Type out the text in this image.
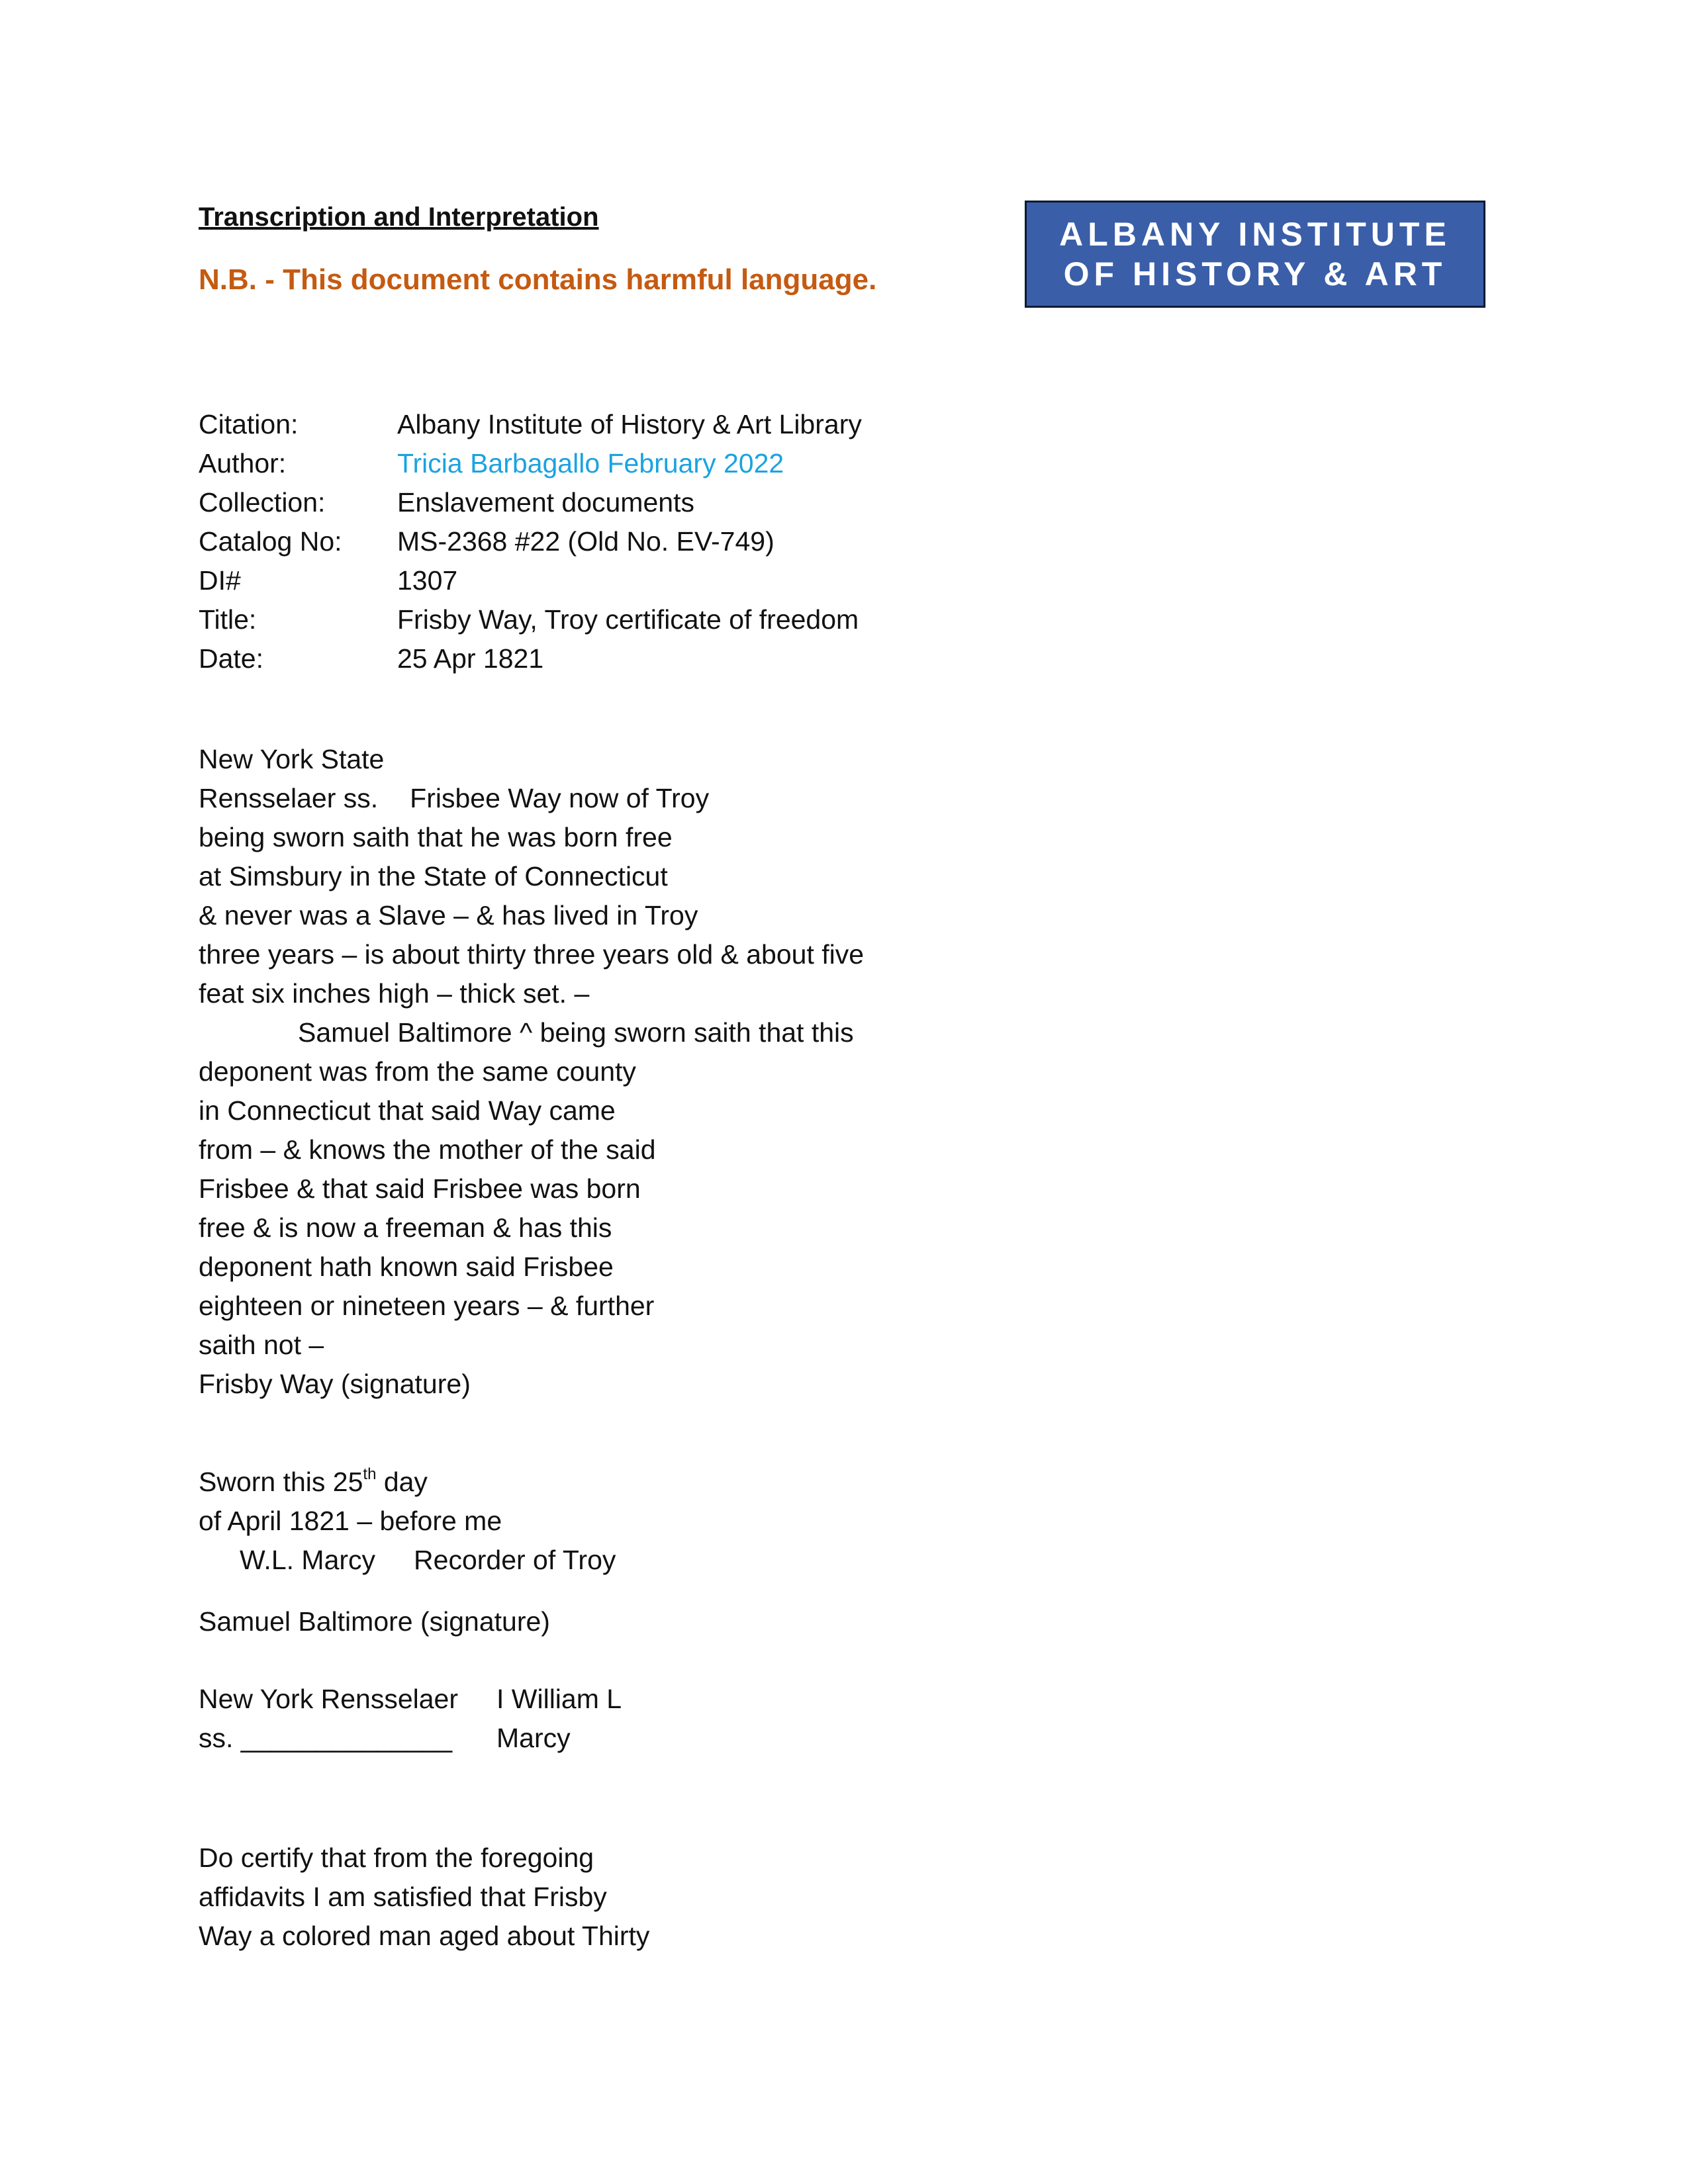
Transcription and Interpretation
N.B. - This document contains harmful language.
ALBANY INSTITUTE
OF HISTORY & ART
Citation:	Albany Institute of History & Art Library
Author:	Tricia Barbagallo February 2022
Collection:	Enslavement documents
Catalog No:	MS-2368 #22 (Old No. EV-749)
DI#	1307
Title:	Frisby Way, Troy certificate of freedom
Date:	25 Apr 1821
New York State
Rensselaer ss. Frisbee Way now of Troy
being sworn saith that he was born free
at Simsbury in the State of Connecticut
& never was a Slave – & has lived in Troy
three years – is about thirty three years old & about five
feat six inches high – thick set. –
Samuel Baltimore ^ being sworn saith that this
deponent was from the same county
in Connecticut that said Way came
from – & knows the mother of the said
Frisbee & that said Frisbee was born
free & is now a freeman & has this
deponent hath known said Frisbee
eighteen or nineteen years – & further
saith not –
Frisby Way (signature)
Sworn this 25th day
of April 1821 – before me
W.L. Marcy Recorder of Troy
Samuel Baltimore (signature)
New York Rensselaer	I William L
ss. ______________	Marcy
Do certify that from the foregoing
affidavits I am satisfied that Frisby
Way a colored man aged about Thirty
